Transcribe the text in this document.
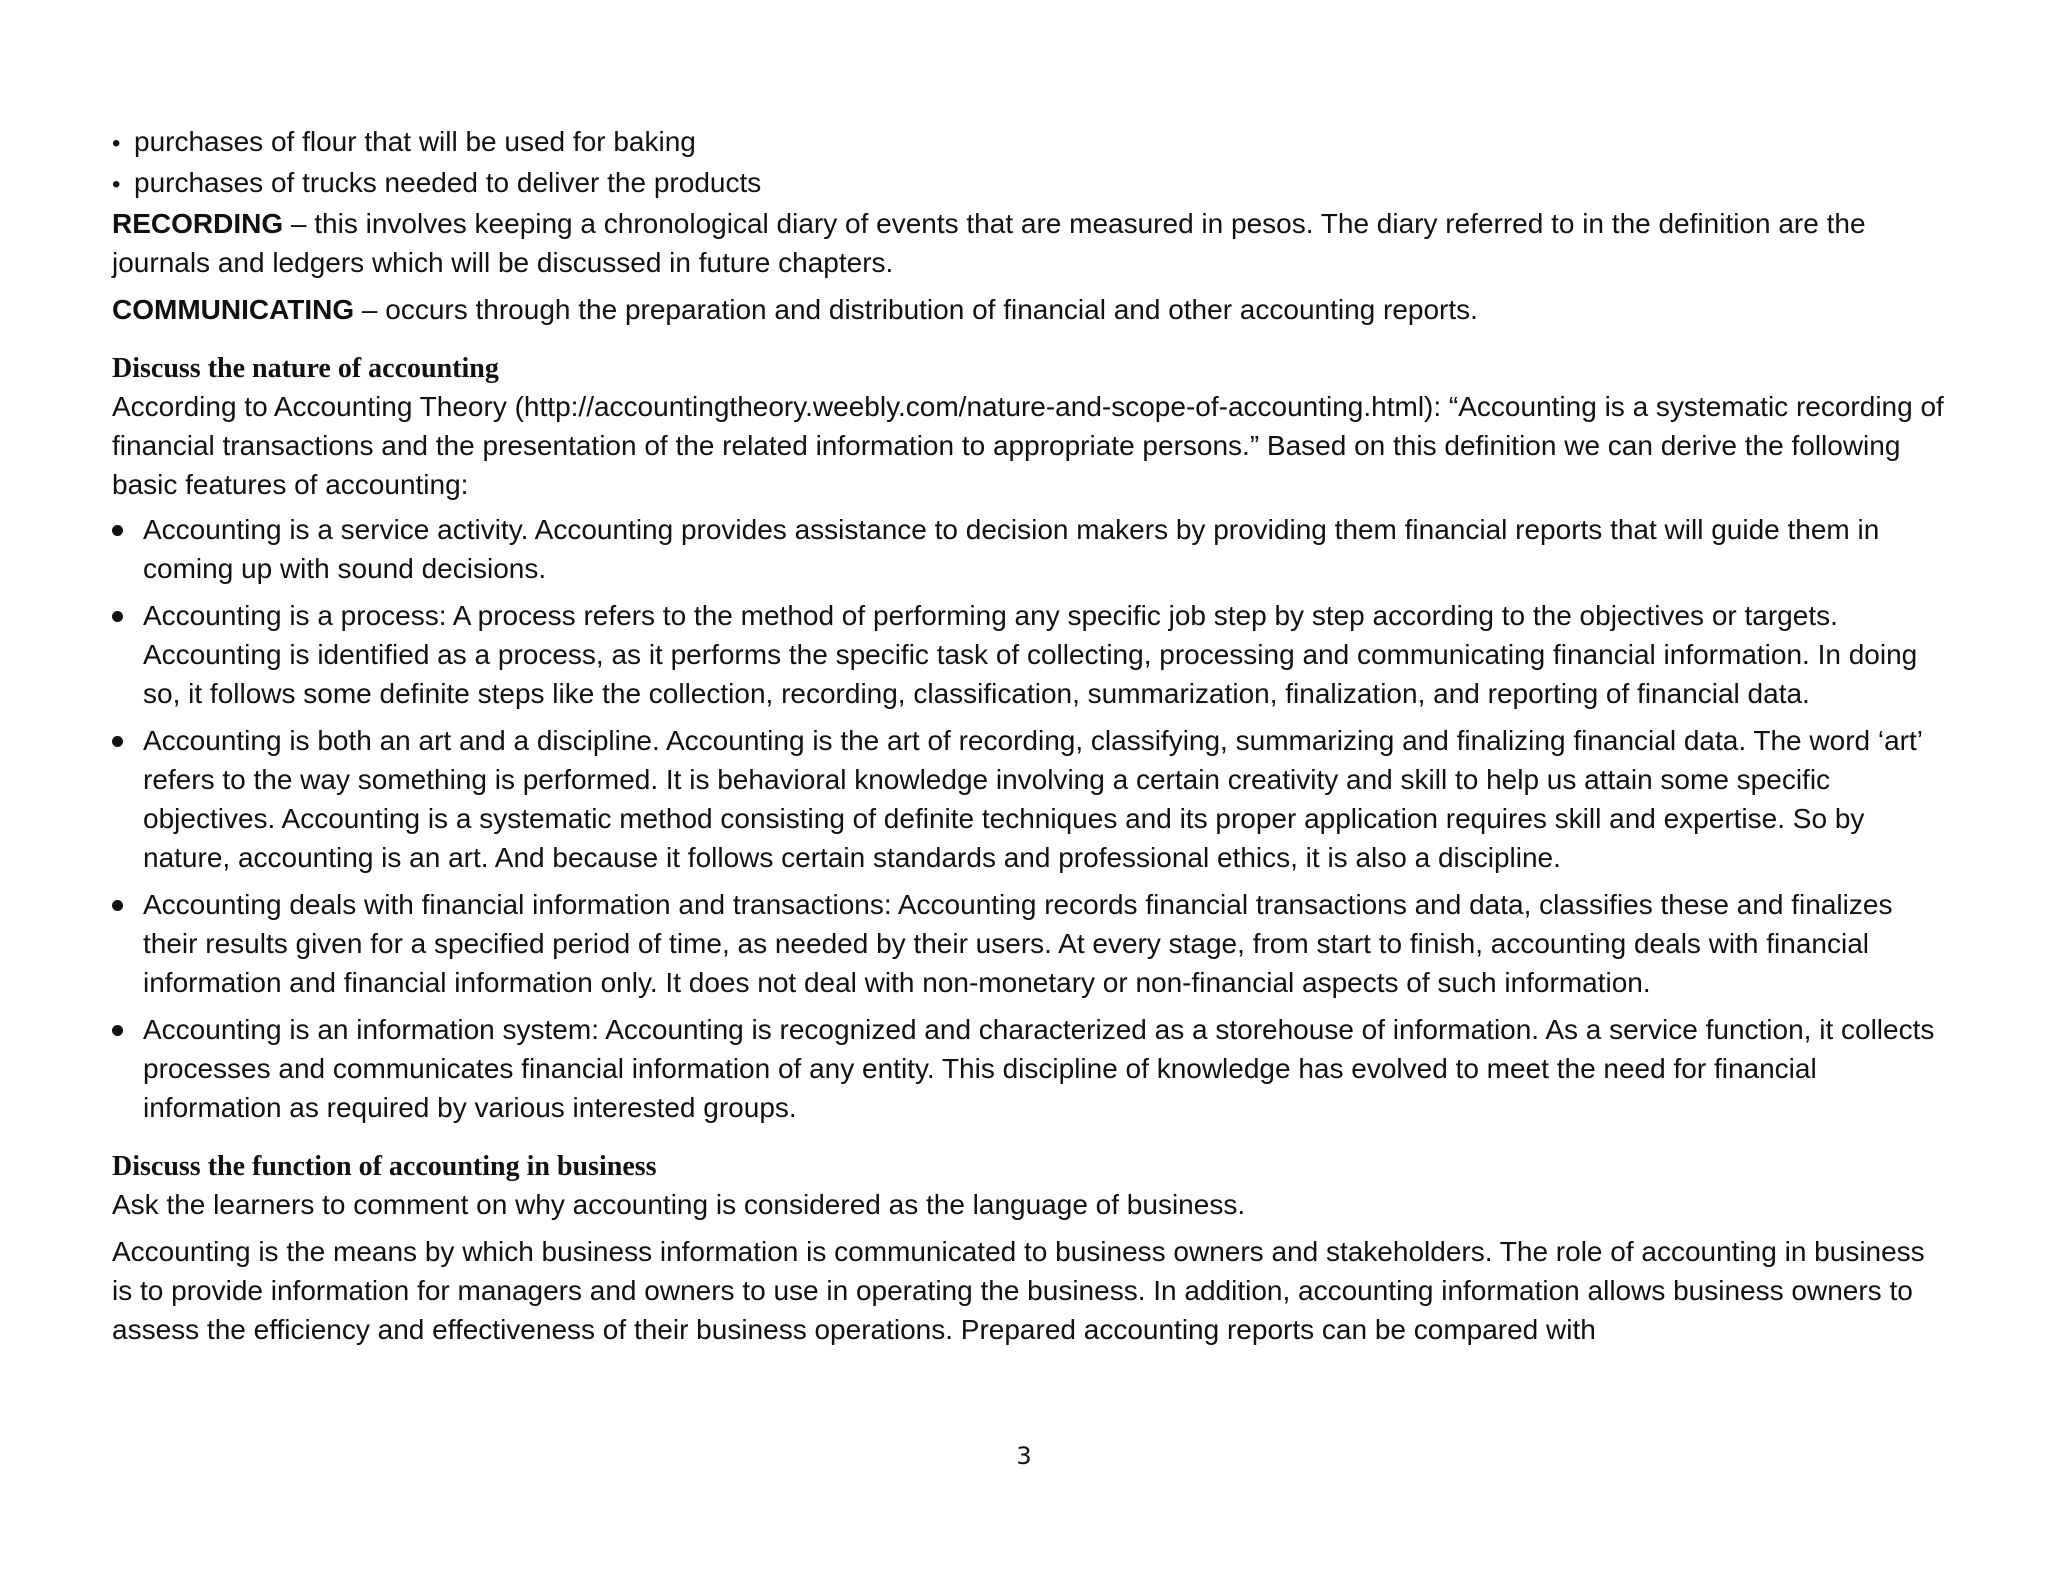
• purchases of flour that will be used for baking

• purchases of trucks needed to deliver the products

RECORDING – this involves keeping a chronological diary of events that are measured in pesos. The diary referred to in the definition are the journals and ledgers which will be discussed in future chapters.

COMMUNICATING – occurs through the preparation and distribution of financial and other accounting reports.

Discuss the nature of accounting

According to Accounting Theory (http://accountingtheory.weebly.com/nature-and-scope-of-accounting.html): “Accounting is a systematic recording of financial transactions and the presentation of the related information to appropriate persons.” Based on this definition we can derive the following basic features of accounting:

Accounting is a service activity. Accounting provides assistance to decision makers by providing them financial reports that will guide them in coming up with sound decisions.
Accounting is a process: A process refers to the method of performing any specific job step by step according to the objectives or targets. Accounting is identified as a process, as it performs the specific task of collecting, processing and communicating financial information. In doing so, it follows some definite steps like the collection, recording, classification, summarization, finalization, and reporting of financial data.
Accounting is both an art and a discipline. Accounting is the art of recording, classifying, summarizing and finalizing financial data. The word ‘art’ refers to the way something is performed. It is behavioral knowledge involving a certain creativity and skill to help us attain some specific objectives. Accounting is a systematic method consisting of definite techniques and its proper application requires skill and expertise. So by nature, accounting is an art. And because it follows certain standards and professional ethics, it is also a discipline.
Accounting deals with financial information and transactions: Accounting records financial transactions and data, classifies these and finalizes their results given for a specified period of time, as needed by their users. At every stage, from start to finish, accounting deals with financial information and financial information only. It does not deal with non-monetary or non-financial aspects of such information.
Accounting is an information system: Accounting is recognized and characterized as a storehouse of information. As a service function, it collects processes and communicates financial information of any entity. This discipline of knowledge has evolved to meet the need for financial information as required by various interested groups.
Discuss the function of accounting in business

Ask the learners to comment on why accounting is considered as the language of business.

Accounting is the means by which business information is communicated to business owners and stakeholders. The role of accounting in business is to provide information for managers and owners to use in operating the business. In addition, accounting information allows business owners to assess the efficiency and effectiveness of their business operations. Prepared accounting reports can be compared with

3
